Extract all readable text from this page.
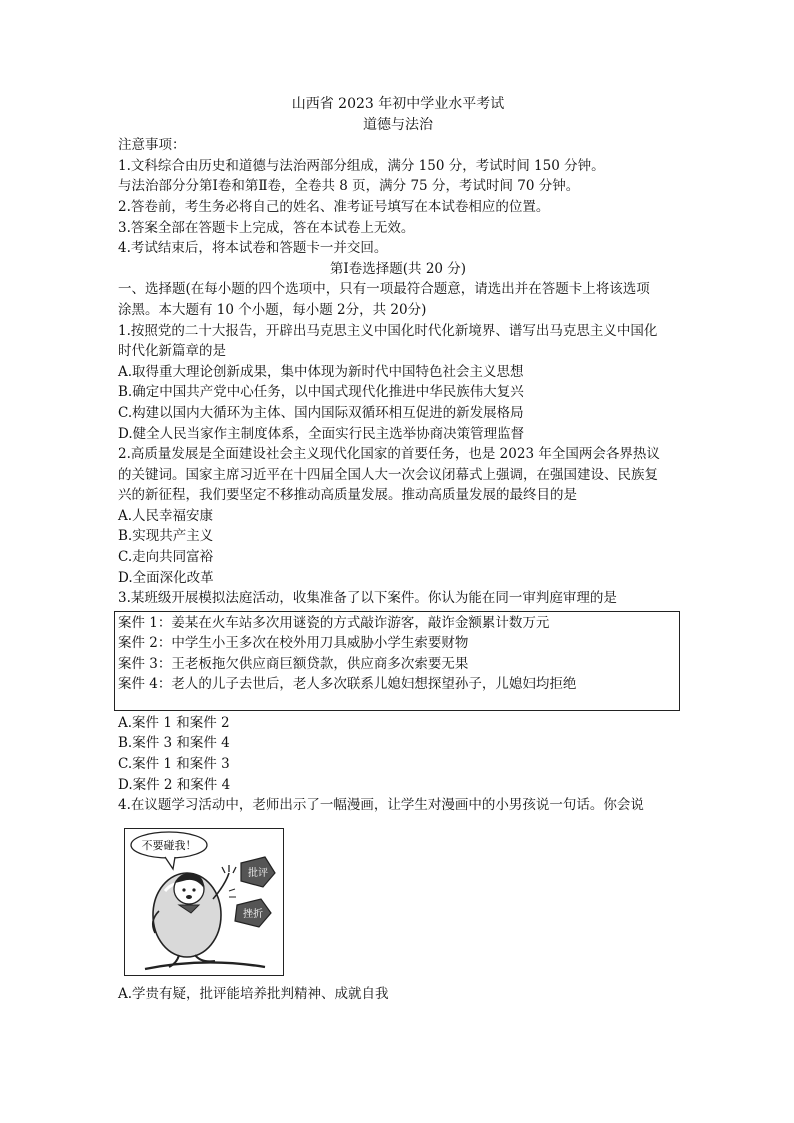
山西省 2023 年初中学业水平考试

道德与法治

注意事项：

1.文科综合由历史和道德与法治两部分组成，满分 150 分，考试时间 150 分钟。

与法治部分分第Ⅰ卷和第Ⅱ卷，全卷共 8 页，满分 75 分，考试时间 70 分钟。

2.答卷前，考生务必将自己的姓名、准考证号填写在本试卷相应的位置。

3.答案全部在答题卡上完成，答在本试卷上无效。

4.考试结束后，将本试卷和答题卡一并交回。

第Ⅰ卷选择题(共 20 分)

一、选择题(在每小题的四个选项中，只有一项最符合题意，请选出并在答题卡上将该选项

涂黑。本大题有 10 个小题，每小题 2分，共 20分)

1.按照党的二十大报告，开辟出马克思主义中国化时代化新境界、谱写出马克思主义中国化

时代化新篇章的是

A.取得重大理论创新成果，集中体现为新时代中国特色社会主义思想

B.确定中国共产党中心任务，以中国式现代化推进中华民族伟大复兴

C.构建以国内大循环为主体、国内国际双循环相互促进的新发展格局

D.健全人民当家作主制度体系，全面实行民主选举协商决策管理监督

2.高质量发展是全面建设社会主义现代化国家的首要任务，也是 2023 年全国两会各界热议

的关键词。国家主席习近平在十四届全国人大一次会议闭幕式上强调，在强国建设、民族复

兴的新征程，我们要坚定不移推动高质量发展。推动高质量发展的最终目的是

A.人民幸福安康

B.实现共产主义

C.走向共同富裕

D.全面深化改革

3.某班级开展模拟法庭活动，收集准备了以下案件。你认为能在同一审判庭审理的是

案件 1：姜某在火车站多次用谜瓷的方式敲诈游客，敲诈金额累计数万元

案件 2：中学生小王多次在校外用刀具威胁小学生索要财物

案件 3：王老板拖欠供应商巨额贷款，供应商多次索要无果

案件 4：老人的儿子去世后，老人多次联系儿媳妇想探望孙子，儿媳妇均拒绝

A.案件 1 和案件 2

B.案件 3 和案件 4

C.案件 1 和案件 3

D.案件 2 和案件 4

4.在议题学习活动中，老师出示了一幅漫画，让学生对漫画中的小男孩说一句话。你会说

不要碰我！
批评
挫折

A.学贵有疑，批评能培养批判精神、成就自我
